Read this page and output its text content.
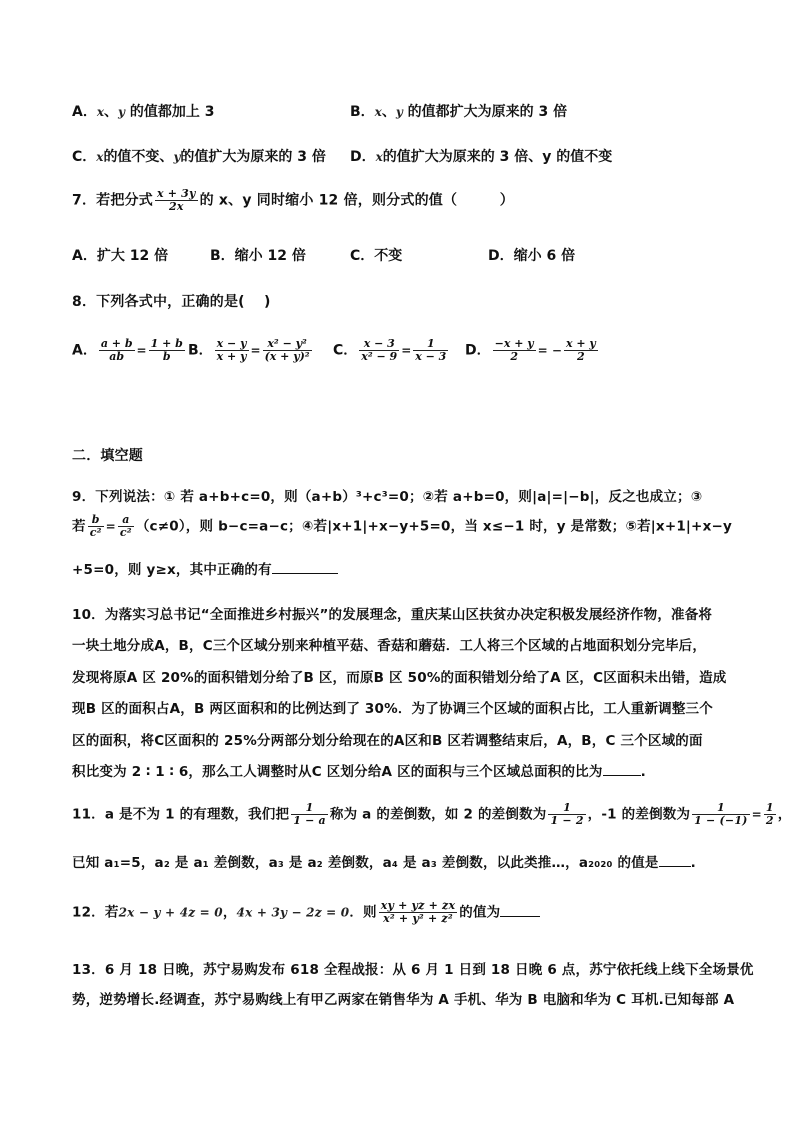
A．x、y 的值都加上 3	B．x、y 的值都扩大为原来的 3 倍
C．x的值不变、y的值扩大为原来的 3 倍 D．x的值扩大为原来的 3 倍、y 的值不变
7．若把分式 $\frac{x + 3y}{2x}$ 的 x、y 同时缩小 12 倍，则分式的值（　　　）
A．扩大 12 倍	B．缩小 12 倍	C．不变	D．缩小 6 倍
8．下列各式中，正确的是(　 )
A． $\frac{a + b}{ab} = \frac{1 + b}{b}$ B． $\frac{x - y}{x + y} = \frac{\text{x² − y²}}{\text{(x + y)²}}$ C． $\frac{x - 3}{\text{x² − 9}} = \frac{1}{x - 3}$ D． $\frac{-x + y}{2}$ = − $\frac{x + y}{2}$
二．填空题
9．下列说法：① 若 a+b+c=0，则（a+b）³+c³=0；②若 a+b=0，则|a|=|−b|，反之也成立；③
若 $\frac{b}{\text{c²}} = \frac{a}{\text{c²}} (c\ne 0)$，则 b−c=a−c；④若|x+1|+x−y+5=0，当 x≤−1 时，y 是常数；⑤若|x+1|+x−y
+5=0，则 y≥x，其中正确的有
10．为落实习总书记“全面推进乡村振兴”的发展理念，重庆某山区扶贫办决定积极发展经济作物，准备将
一块土地分成A，B，C三个区域分别来种植平菇、香菇和蘑菇．工人将三个区域的占地面积划分完毕后，
发现将原A 区 20%的面积错划分给了B 区，而原B 区 50%的面积错划分给了A 区，C区面积未出错，造成
现B 区的面积占A，B 两区面积和的比例达到了 30%．为了协调三个区域的面积占比，工人重新调整三个
区的面积，将C区面积的 25%分两部分划分给现在的A区和B 区若调整结束后，A，B，C 三个区域的面
积比变为 2 ∶ 1 ∶ 6，那么工人调整时从C 区划分给A 区的面积与三个区域总面积的比为	.
11．a 是不为 1 的有理数，我们把 $\frac{1}{1 - a}$ 称为 a 的差倒数，如 2 的差倒数为 $\frac{1}{1 - 2}$ ，-1 的差倒数为 $\frac{1}{1 - (-1)} = \frac{1}{2}$ ，
已知 a₁=5，a₂ 是 a₁ 差倒数，a₃ 是 a₂ 差倒数，a₄ 是 a₃ 差倒数，以此类推…，a₂₀₂₀ 的值是 .
12．若2x − y + 4z = 0，4x + 3y − 2z = 0．则 $\frac{xy + yz + zx}{\text{x² + y² + z²}}$ 的值为
13．6 月 18 日晚，苏宁易购发布 618 全程战报：从 6 月 1 日到 18 日晚 6 点，苏宁依托线上线下全场景优
势，逆势增长.经调查，苏宁易购线上有甲乙两家在销售华为 A 手机、华为 B 电脑和华为 C 耳机.已知每部 A
